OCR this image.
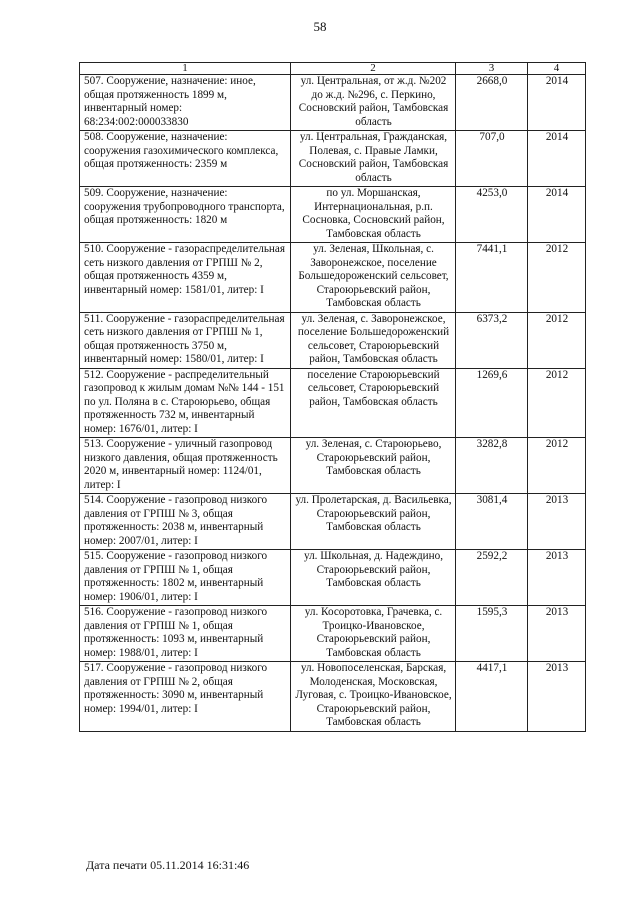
58
1	2	3	4
507. Сооружение, назначение: иное, общая протяженность 1899 м, инвентарный номер: 68:234:002:000033830	ул. Центральная, от ж.д. №202 до ж.д. №296, с. Перкино, Сосновский район, Тамбовская область	2668,0	2014
508. Сооружение, назначение: сооружения газохимического комплекса, общая протяженность: 2359 м	ул. Центральная, Гражданская, Полевая, с. Правые Ламки, Сосновский район, Тамбовская область	707,0	2014
509. Сооружение, назначение: сооружения трубопроводного транспорта, общая протяженность: 1820 м	по ул. Моршанская, Интернациональная, р.п. Сосновка, Сосновский район, Тамбовская область	4253,0	2014
510. Сооружение - газораспределительная сеть низкого давления от ГРПШ № 2, общая протяженность 4359 м, инвентарный номер: 1581/01, литер: I	ул. Зеленая, Школьная, с. Заворонежское, поселение Большедороженский сельсовет, Староюрьевский район, Тамбовская область	7441,1	2012
511. Сооружение - газораспределительная сеть низкого давления от ГРПШ № 1, общая протяженность 3750 м, инвентарный номер: 1580/01, литер: I	ул. Зеленая, с. Заворонежское, поселение Большедороженский сельсовет, Староюрьевский район, Тамбовская область	6373,2	2012
512. Сооружение - распределительный газопровод к жилым домам №№ 144 - 151 по ул. Поляна в с. Староюрьево, общая протяженность 732 м, инвентарный номер: 1676/01, литер: I	поселение Староюрьевский сельсовет, Староюрьевский район, Тамбовская область	1269,6	2012
513. Сооружение - уличный газопровод низкого давления, общая протяженность 2020 м, инвентарный номер: 1124/01, литер: I	ул. Зеленая, с. Староюрьево, Староюрьевский район, Тамбовская область	3282,8	2012
514. Сооружение - газопровод низкого давления от ГРПШ № 3, общая протяженность: 2038 м, инвентарный номер: 2007/01, литер: I	ул. Пролетарская, д. Васильевка, Староюрьевский район, Тамбовская область	3081,4	2013
515. Сооружение - газопровод низкого давления от ГРПШ № 1, общая протяженность: 1802 м, инвентарный номер: 1906/01, литер: I	ул. Школьная, д. Надеждино, Староюрьевский район, Тамбовская область	2592,2	2013
516. Сооружение - газопровод низкого давления от ГРПШ № 1, общая протяженность: 1093 м, инвентарный номер: 1988/01, литер: I	ул. Косоротовка, Грачевка, с. Троицко-Ивановское, Староюрьевский район, Тамбовская область	1595,3	2013
517. Сооружение - газопровод низкого давления от ГРПШ № 2, общая протяженность: 3090 м, инвентарный номер: 1994/01, литер: I	ул. Новопоселенская, Барская, Молоденская, Московская, Луговая, с. Троицко-Ивановское, Староюрьевский район, Тамбовская область	4417,1	2013
Дата печати 05.11.2014 16:31:46
